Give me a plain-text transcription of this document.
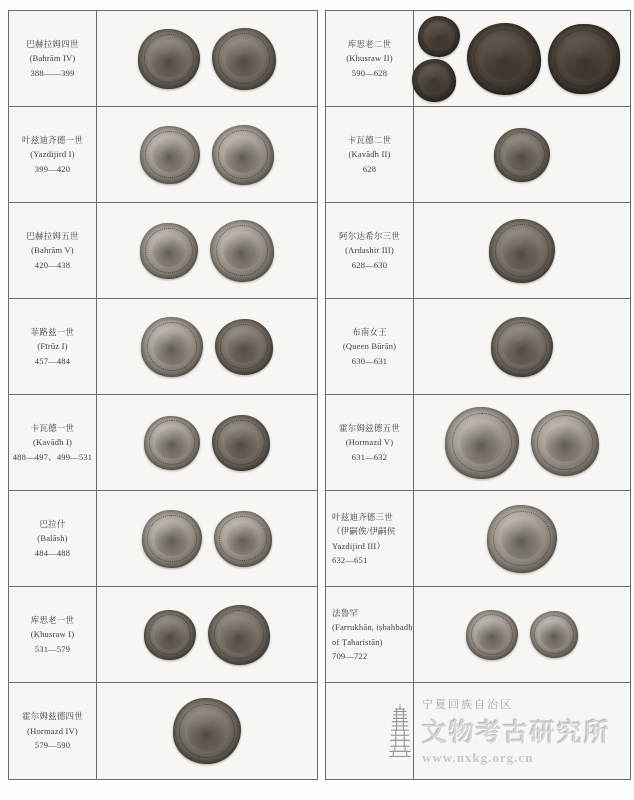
巴赫拉姆四世
(Bahrām IV)
388——399
叶兹迪齐德一世
(Yazdijird I)
399—420
巴赫拉姆五世
(Bahrām V)
420—438
菲路兹一世
(Fīrūz I)
457—484
卡瓦德一世
(Kavādh I)
488—497、499—531
巴拉什
(Balāsh)
484—488
库思老一世
(Khusraw I)
531—579
霍尔姆兹德四世
(Hormazd IV)
579—590
库思老二世
(Khusraw II)
590—628
卡瓦德二世
(Kavādh II)
628
阿尔达希尔三世
(Ardashir III)
628—630
布南女王
(Queen Būrān)
630—631
霍尔姆兹德五世
(Hormazd V)
631—632
叶兹迪齐德三世
（伊嗣俟/伊嗣侯
Yazdijird III）
632—651
法鲁罕
(Farrukhān, iṣbahbadh
of Ṭabaristān)
709—722
宁夏回族自治区
文物考古研究所
www.nxkg.org.cn
